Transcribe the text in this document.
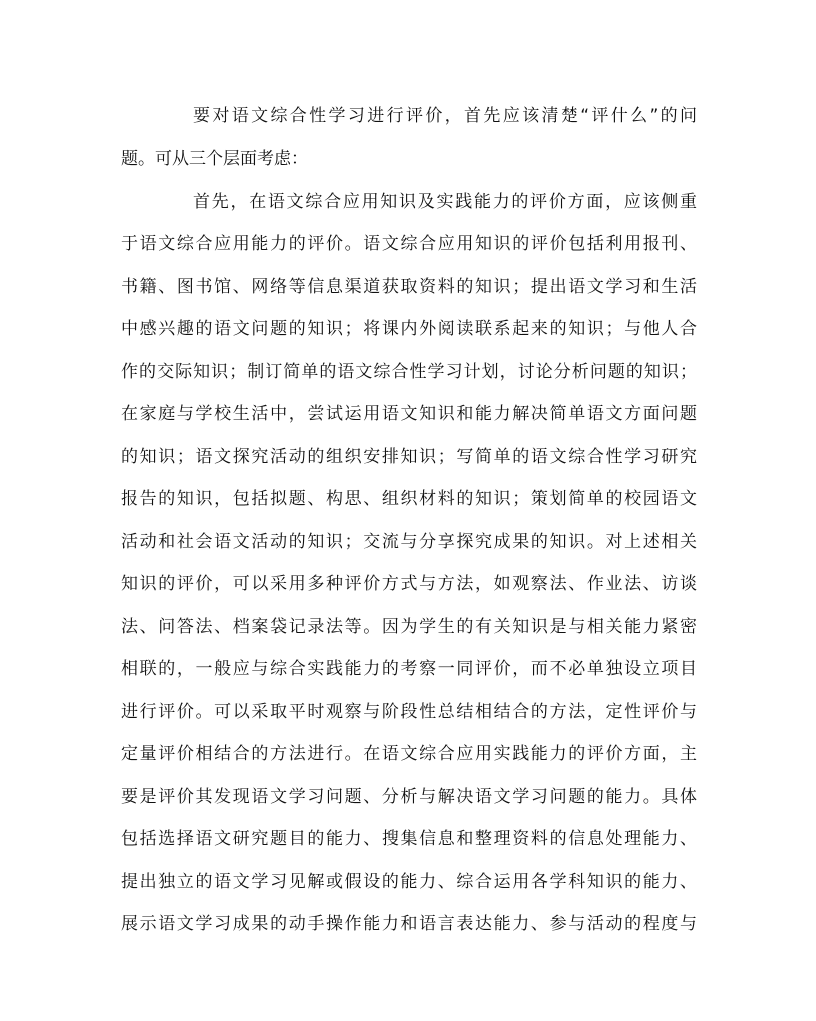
要对语文综合性学习进行评价，首先应该清楚“评什么”的问
题。可从三个层面考虑：
首先，在语文综合应用知识及实践能力的评价方面，应该侧重
于语文综合应用能力的评价。语文综合应用知识的评价包括利用报刊、
书籍、图书馆、网络等信息渠道获取资料的知识；提出语文学习和生活
中感兴趣的语文问题的知识；将课内外阅读联系起来的知识；与他人合
作的交际知识；制订简单的语文综合性学习计划，讨论分析问题的知识；
在家庭与学校生活中，尝试运用语文知识和能力解决简单语文方面问题
的知识；语文探究活动的组织安排知识；写简单的语文综合性学习研究
报告的知识，包括拟题、构思、组织材料的知识；策划简单的校园语文
活动和社会语文活动的知识；交流与分享探究成果的知识。对上述相关
知识的评价，可以采用多种评价方式与方法，如观察法、作业法、访谈
法、问答法、档案袋记录法等。因为学生的有关知识是与相关能力紧密
相联的，一般应与综合实践能力的考察一同评价，而不必单独设立项目
进行评价。可以采取平时观察与阶段性总结相结合的方法，定性评价与
定量评价相结合的方法进行。在语文综合应用实践能力的评价方面，主
要是评价其发现语文学习问题、分析与解决语文学习问题的能力。具体
包括选择语文研究题目的能力、搜集信息和整理资料的信息处理能力、
提出独立的语文学习见解或假设的能力、综合运用各学科知识的能力、
展示语文学习成果的动手操作能力和语言表达能力、参与活动的程度与
